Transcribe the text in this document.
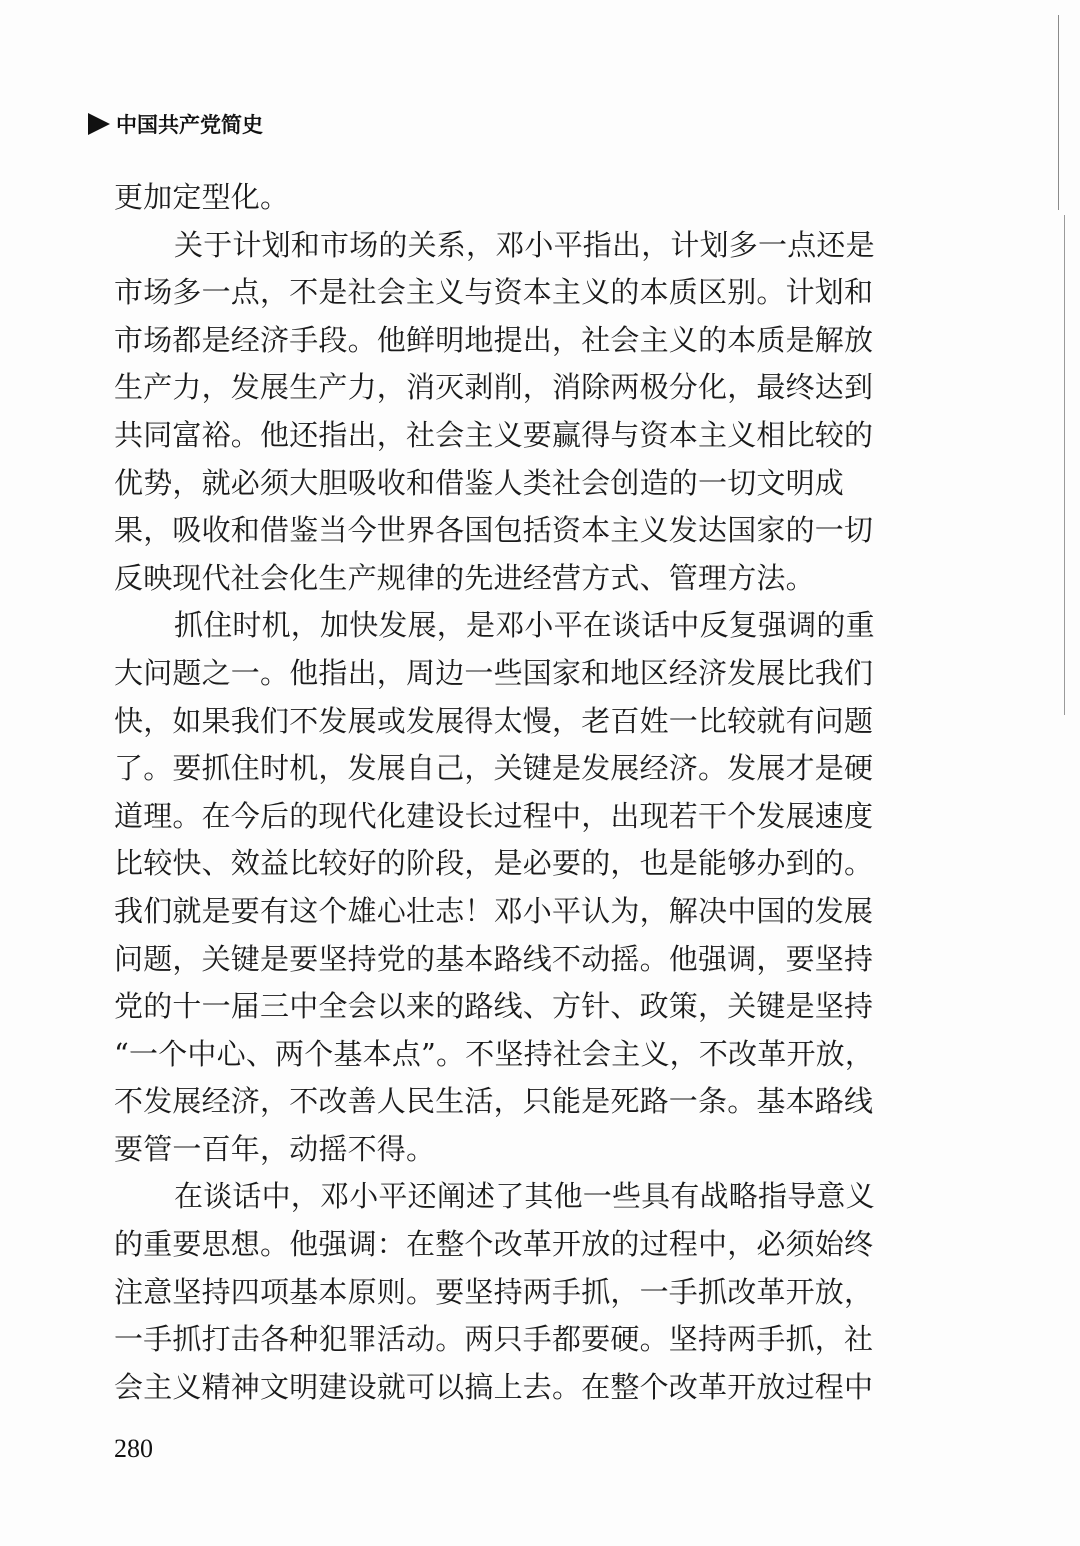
中国共产党简史
更加定型化。
关于计划和市场的关系，邓小平指出，计划多一点还是
市场多一点，不是社会主义与资本主义的本质区别。计划和
市场都是经济手段。他鲜明地提出，社会主义的本质是解放
生产力，发展生产力，消灭剥削，消除两极分化，最终达到
共同富裕。他还指出，社会主义要赢得与资本主义相比较的
优势，就必须大胆吸收和借鉴人类社会创造的一切文明成
果，吸收和借鉴当今世界各国包括资本主义发达国家的一切
反映现代社会化生产规律的先进经营方式、管理方法。
抓住时机，加快发展，是邓小平在谈话中反复强调的重
大问题之一。他指出，周边一些国家和地区经济发展比我们
快，如果我们不发展或发展得太慢，老百姓一比较就有问题
了。要抓住时机，发展自己，关键是发展经济。发展才是硬
道理。在今后的现代化建设长过程中，出现若干个发展速度
比较快、效益比较好的阶段，是必要的，也是能够办到的。
我们就是要有这个雄心壮志！邓小平认为，解决中国的发展
问题，关键是要坚持党的基本路线不动摇。他强调，要坚持
党的十一届三中全会以来的路线、方针、政策，关键是坚持
“一个中心、两个基本点”。不坚持社会主义，不改革开放，
不发展经济，不改善人民生活，只能是死路一条。基本路线
要管一百年，动摇不得。
在谈话中，邓小平还阐述了其他一些具有战略指导意义
的重要思想。他强调：在整个改革开放的过程中，必须始终
注意坚持四项基本原则。要坚持两手抓，一手抓改革开放，
一手抓打击各种犯罪活动。两只手都要硬。坚持两手抓，社
会主义精神文明建设就可以搞上去。在整个改革开放过程中
280
